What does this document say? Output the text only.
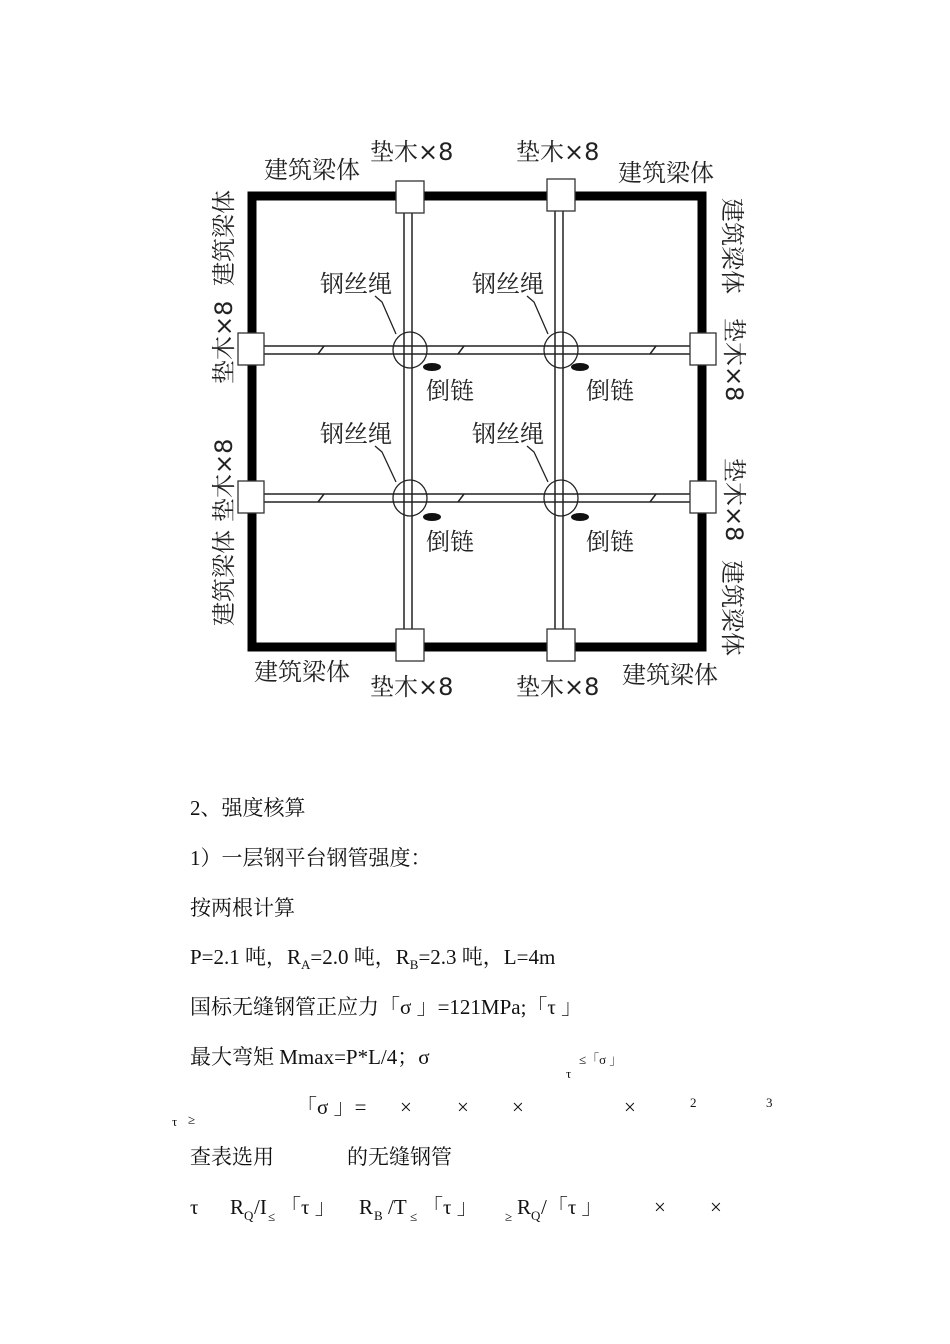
建筑梁体	建筑梁体
建筑梁体	建筑梁体
垫木×8	垫木×8
垫木×8	垫木×8
钢丝绳	钢丝绳
钢丝绳	钢丝绳
倒链	倒链
倒链	倒链
建筑梁体
垫木×8
垫木×8
建筑梁体
建筑梁体
垫木×8
垫木×8
建筑梁体
2、强度核算
1）一层钢平台钢管强度：
按两根计算
P=2.1 吨，$R_A=2.0$ 吨，$R_B=2.3$ 吨，L=4m
国标无缝钢管正应力「σ 」=121MPa;「τ 」
最大弯矩 Mmax=P*L/4；σ
τ
≤「σ 」
τ ≥
「σ 」= × × ×	×	2	3
查表选用	的无缝钢管
τ R Q /I ≤ 「τ 」 R B /T ≤ 「τ 」 ≥ R Q /「τ 」 × ×
